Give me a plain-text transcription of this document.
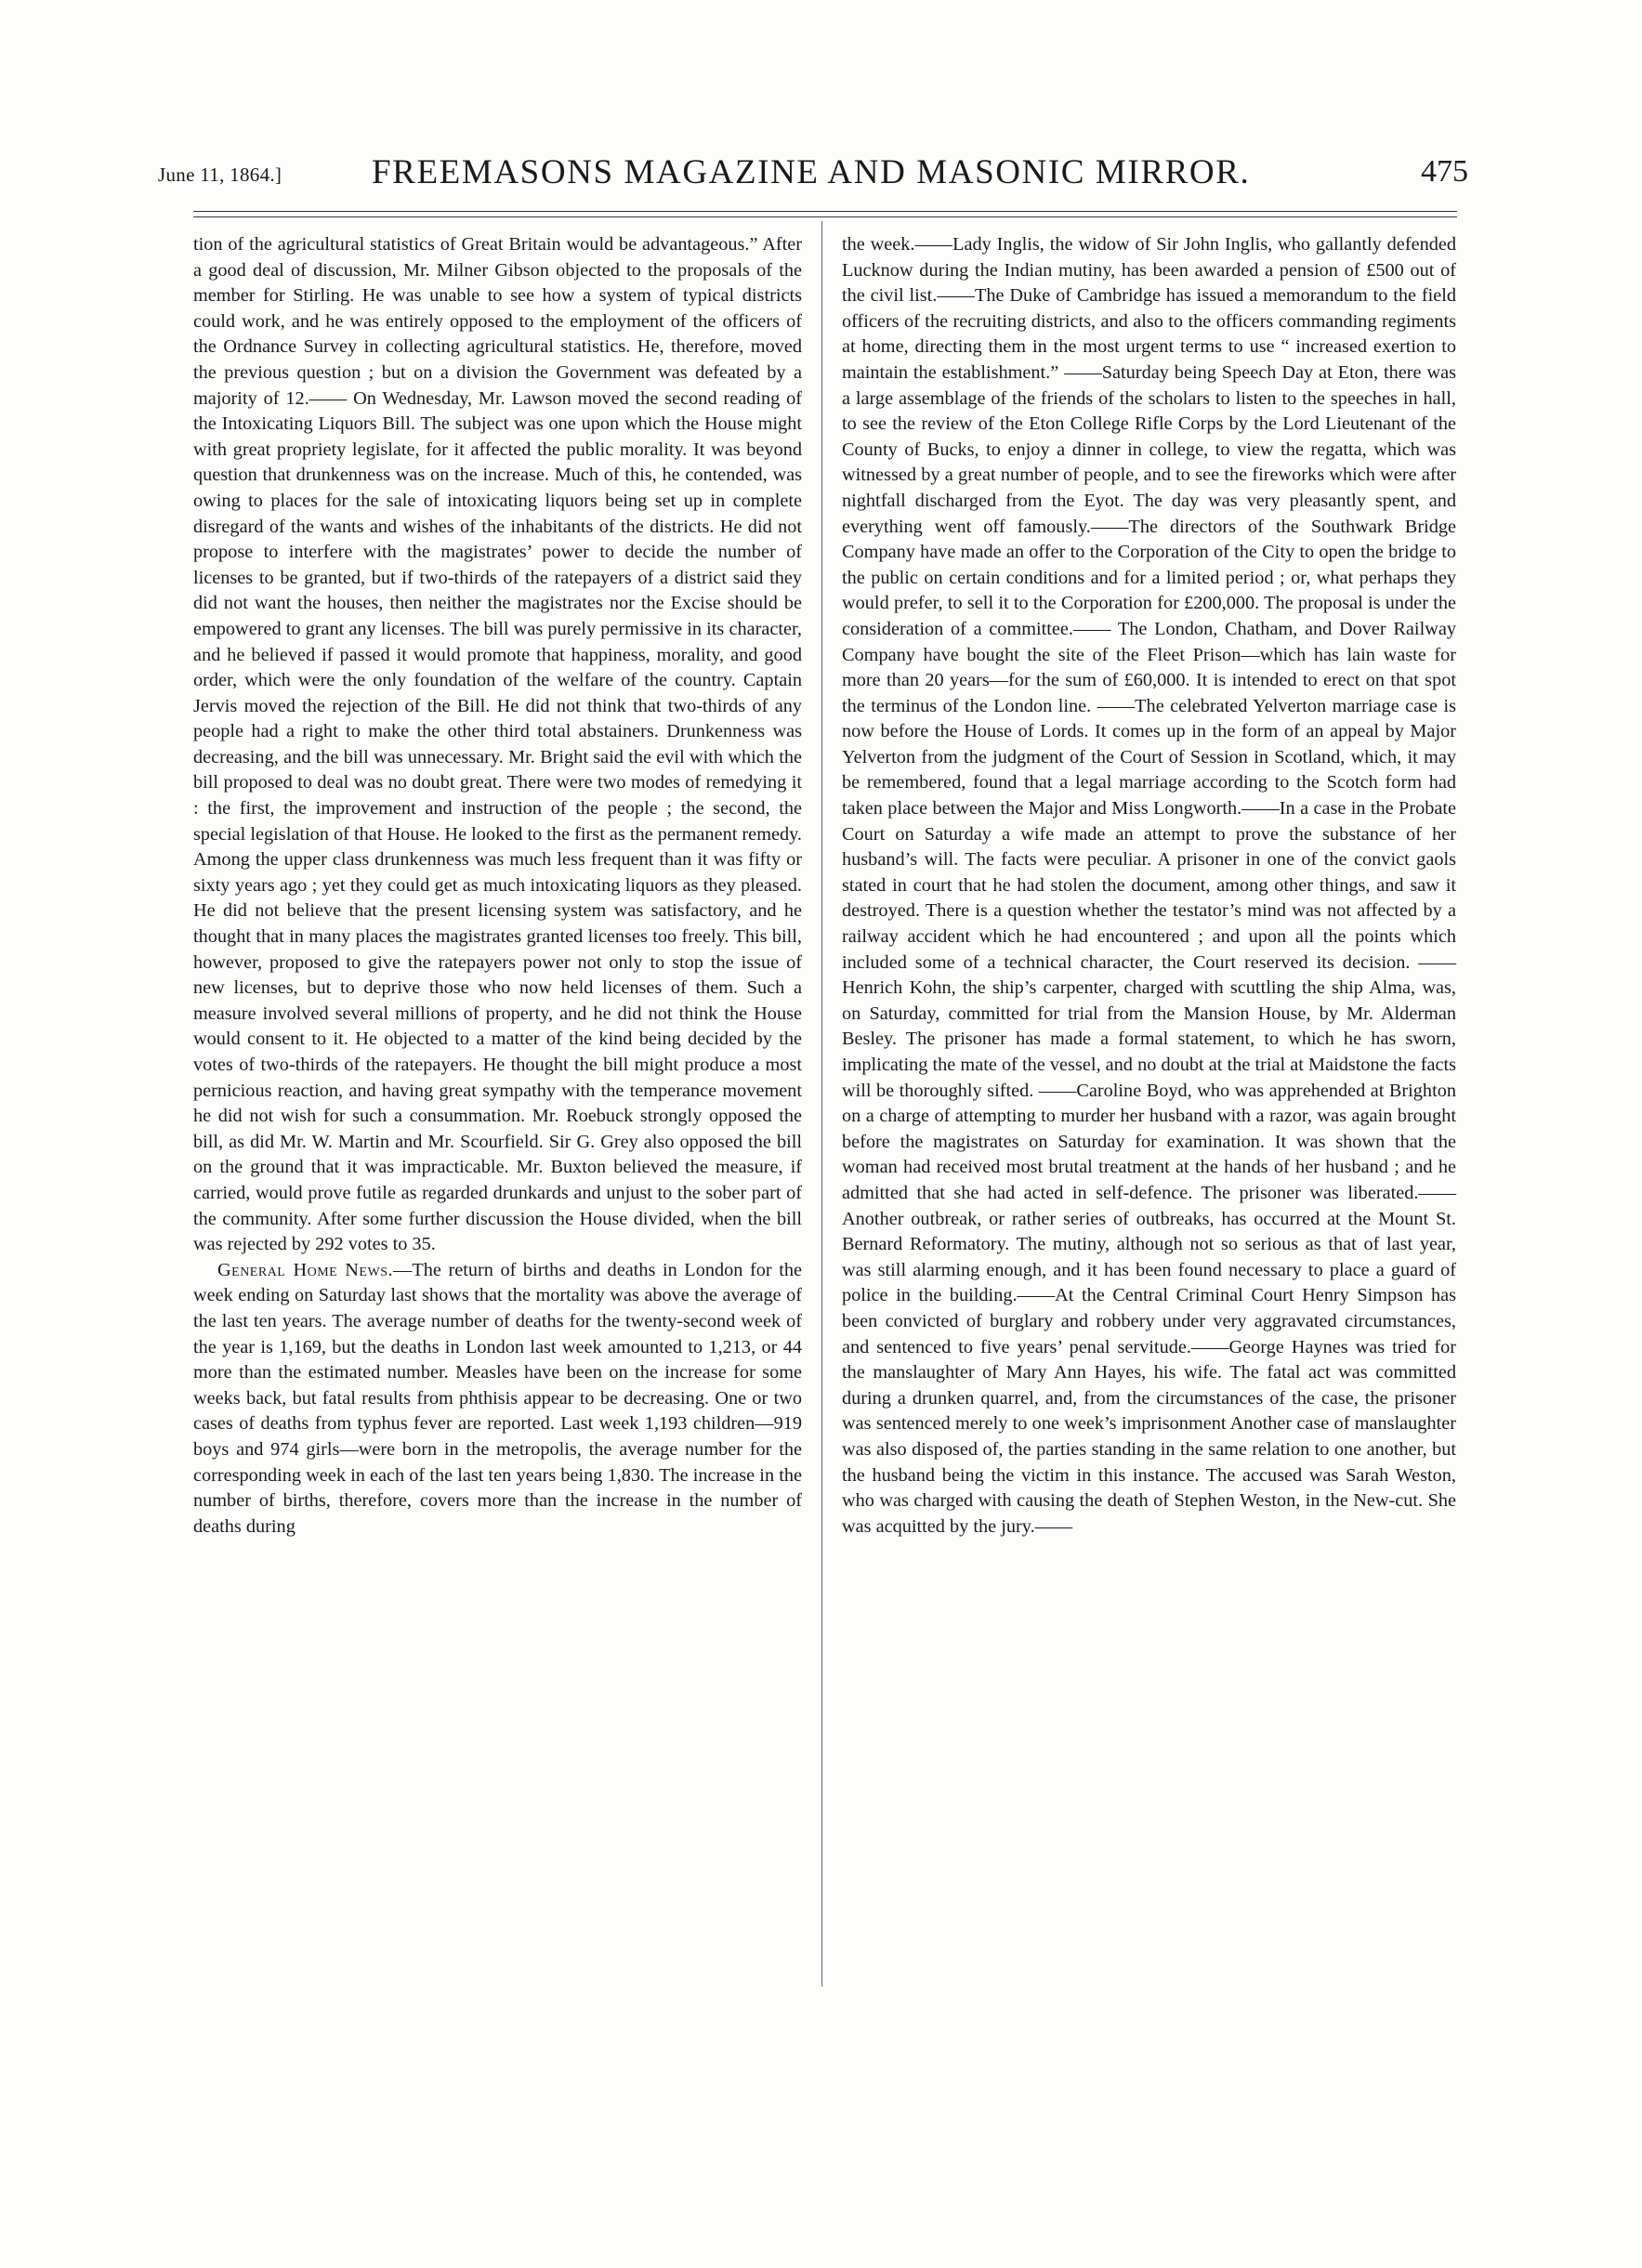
June 11, 1864.]	FREEMASONS MAGAZINE AND MASONIC MIRROR.	475

tion of the agricultural statistics of Great Britain would be advantageous.” After a good deal of discussion, Mr. Milner Gibson objected to the proposals of the member for Stirling. He was unable to see how a system of typical districts could work, and he was entirely opposed to the employment of the officers of the Ordnance Survey in collecting agricultural statistics. He, therefore, moved the previous question ; but on a division the Government was defeated by a majority of 12.—— On Wednesday, Mr. Lawson moved the second reading of the Intoxicating Liquors Bill. The subject was one upon which the House might with great propriety legislate, for it affected the public morality. It was beyond question that drunkenness was on the increase. Much of this, he contended, was owing to places for the sale of intoxicating liquors being set up in complete disregard of the wants and wishes of the inhabitants of the districts. He did not propose to interfere with the magistrates’ power to decide the number of licenses to be granted, but if two-thirds of the ratepayers of a district said they did not want the houses, then neither the magistrates nor the Excise should be empowered to grant any licenses. The bill was purely permissive in its character, and he believed if passed it would promote that happiness, morality, and good order, which were the only foundation of the welfare of the country. Captain Jervis moved the rejection of the Bill. He did not think that two-thirds of any people had a right to make the other third total abstainers. Drunkenness was decreasing, and the bill was unnecessary. Mr. Bright said the evil with which the bill proposed to deal was no doubt great. There were two modes of remedying it : the first, the improvement and instruction of the people ; the second, the special legislation of that House. He looked to the first as the permanent remedy. Among the upper class drunkenness was much less frequent than it was fifty or sixty years ago ; yet they could get as much intoxicating liquors as they pleased. He did not believe that the present licensing system was satisfactory, and he thought that in many places the magistrates granted licenses too freely. This bill, however, proposed to give the ratepayers power not only to stop the issue of new licenses, but to deprive those who now held licenses of them. Such a measure involved several millions of property, and he did not think the House would consent to it. He objected to a matter of the kind being decided by the votes of two-thirds of the ratepayers. He thought the bill might produce a most pernicious reaction, and having great sympathy with the temperance movement he did not wish for such a consummation. Mr. Roebuck strongly opposed the bill, as did Mr. W. Martin and Mr. Scourfield. Sir G. Grey also opposed the bill on the ground that it was impracticable. Mr. Buxton believed the measure, if carried, would prove futile as regarded drunkards and unjust to the sober part of the community. After some further discussion the House divided, when the bill was rejected by 292 votes to 35.

General Home News.—The return of births and deaths in London for the week ending on Saturday last shows that the mortality was above the average of the last ten years. The average number of deaths for the twenty-second week of the year is 1,169, but the deaths in London last week amounted to 1,213, or 44 more than the estimated number. Measles have been on the increase for some weeks back, but fatal results from phthisis appear to be decreasing. One or two cases of deaths from typhus fever are reported. Last week 1,193 children—919 boys and 974 girls—were born in the metropolis, the average number for the corresponding week in each of the last ten years being 1,830. The increase in the number of births, therefore, covers more than the increase in the number of deaths during

the week.——Lady Inglis, the widow of Sir John Inglis, who gallantly defended Lucknow during the Indian mutiny, has been awarded a pension of £500 out of the civil list.——The Duke of Cambridge has issued a memorandum to the field officers of the recruiting districts, and also to the officers commanding regiments at home, directing them in the most urgent terms to use “ increased exertion to maintain the establishment.” ——Saturday being Speech Day at Eton, there was a large assemblage of the friends of the scholars to listen to the speeches in hall, to see the review of the Eton College Rifle Corps by the Lord Lieutenant of the County of Bucks, to enjoy a dinner in college, to view the regatta, which was witnessed by a great number of people, and to see the fireworks which were after nightfall discharged from the Eyot. The day was very pleasantly spent, and everything went off famously.——The directors of the Southwark Bridge Company have made an offer to the Corporation of the City to open the bridge to the public on certain conditions and for a limited period ; or, what perhaps they would prefer, to sell it to the Corporation for £200,000. The proposal is under the consideration of a committee.—— The London, Chatham, and Dover Railway Company have bought the site of the Fleet Prison—which has lain waste for more than 20 years—for the sum of £60,000. It is intended to erect on that spot the terminus of the London line. ——The celebrated Yelverton marriage case is now before the House of Lords. It comes up in the form of an appeal by Major Yelverton from the judgment of the Court of Session in Scotland, which, it may be remembered, found that a legal marriage according to the Scotch form had taken place between the Major and Miss Longworth.——In a case in the Probate Court on Saturday a wife made an attempt to prove the substance of her husband’s will. The facts were peculiar. A prisoner in one of the convict gaols stated in court that he had stolen the document, among other things, and saw it destroyed. There is a question whether the testator’s mind was not affected by a railway accident which he had encountered ; and upon all the points which included some of a technical character, the Court reserved its decision. ——Henrich Kohn, the ship’s carpenter, charged with scuttling the ship Alma, was, on Saturday, committed for trial from the Mansion House, by Mr. Alderman Besley. The prisoner has made a formal statement, to which he has sworn, implicating the mate of the vessel, and no doubt at the trial at Maidstone the facts will be thoroughly sifted. ——Caroline Boyd, who was apprehended at Brighton on a charge of attempting to murder her husband with a razor, was again brought before the magistrates on Saturday for examination. It was shown that the woman had received most brutal treatment at the hands of her husband ; and he admitted that she had acted in self-defence. The prisoner was liberated.—— Another outbreak, or rather series of outbreaks, has occurred at the Mount St. Bernard Reformatory. The mutiny, although not so serious as that of last year, was still alarming enough, and it has been found necessary to place a guard of police in the building.——At the Central Criminal Court Henry Simpson has been convicted of burglary and robbery under very aggravated circumstances, and sentenced to five years’ penal servitude.——George Haynes was tried for the manslaughter of Mary Ann Hayes, his wife. The fatal act was committed during a drunken quarrel, and, from the circumstances of the case, the prisoner was sentenced merely to one week’s imprisonment Another case of manslaughter was also disposed of, the parties standing in the same relation to one another, but the husband being the victim in this instance. The accused was Sarah Weston, who was charged with causing the death of Stephen Weston, in the New-cut. She was acquitted by the jury.——
